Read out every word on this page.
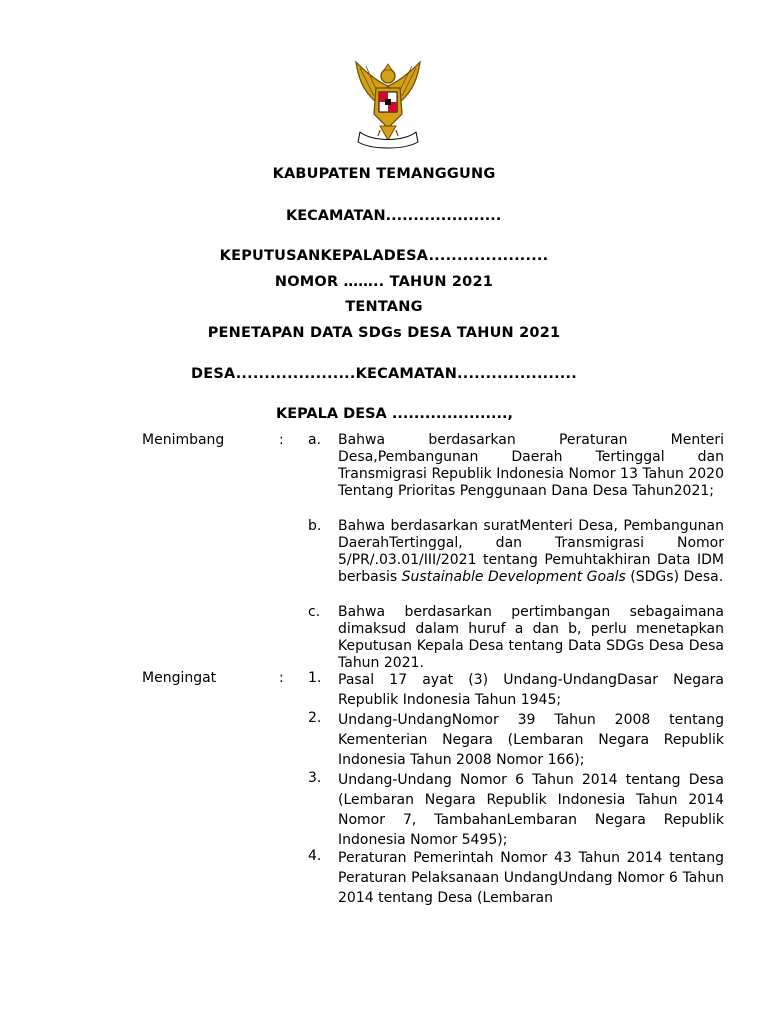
KABUPATEN TEMANGGUNG
KECAMATAN.....................
KEPUTUSANKEPALADESA.....................
NOMOR …….. TAHUN 2021
TENTANG
PENETAPAN DATA SDGs DESA TAHUN 2021
DESA.....................KECAMATAN.....................
KEPALA DESA .....................,
Menimbang	: a. Bahwa berdasarkan Peraturan Menteri Desa,Pembangunan Daerah Tertinggal dan Transmigrasi Republik Indonesia Nomor 13 Tahun 2020 Tentang Prioritas Penggunaan Dana Desa Tahun2021;
b. Bahwa berdasarkan suratMenteri Desa, Pembangunan DaerahTertinggal, dan Transmigrasi Nomor 5/PR/.03.01/III/2021 tentang Pemuhtakhiran Data IDM berbasis Sustainable Development Goals (SDGs) Desa.
c. Bahwa berdasarkan pertimbangan sebagaimana dimaksud dalam huruf a dan b, perlu menetapkan Keputusan Kepala Desa tentang Data SDGs Desa Desa Tahun 2021.
Mengingat	: 1. Pasal 17 ayat (3) Undang-UndangDasar Negara Republik Indonesia Tahun 1945;
2. Undang-UndangNomor 39 Tahun 2008 tentang Kementerian Negara (Lembaran Negara Republik Indonesia Tahun 2008 Nomor 166);
3. Undang-Undang Nomor 6 Tahun 2014 tentang Desa (Lembaran Negara Republik Indonesia Tahun 2014 Nomor 7, TambahanLembaran Negara Republik Indonesia Nomor 5495);
4. Peraturan Pemerintah Nomor 43 Tahun 2014 tentang Peraturan Pelaksanaan UndangUndang Nomor 6 Tahun 2014 tentang Desa (Lembaran
